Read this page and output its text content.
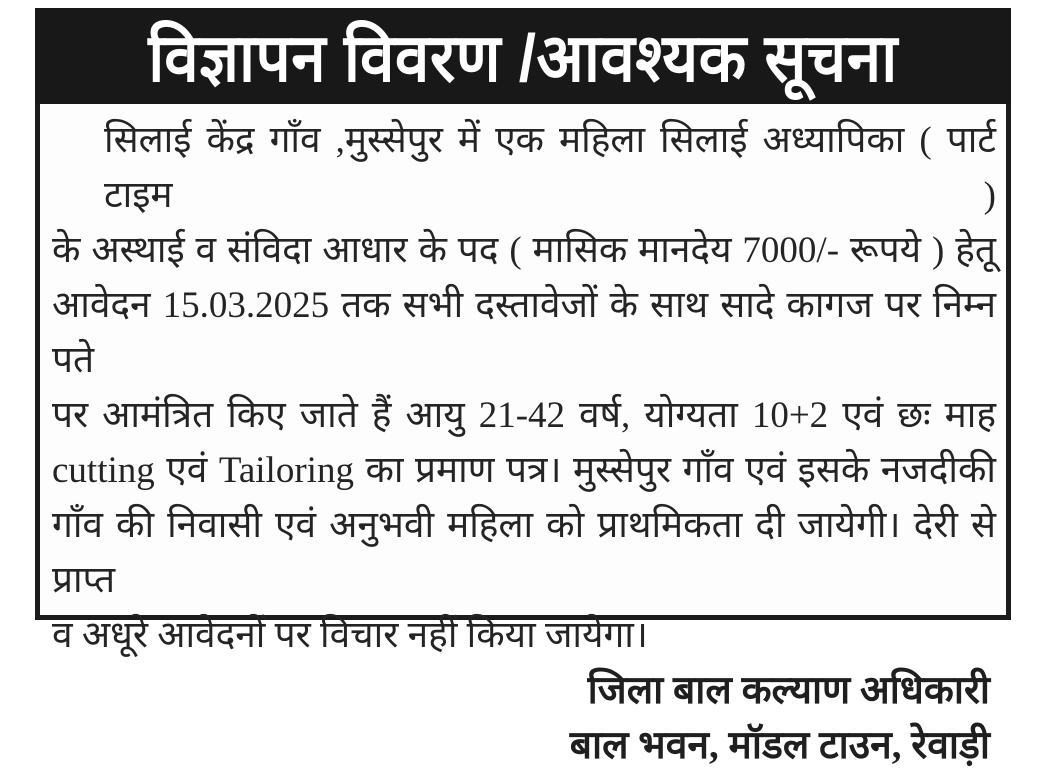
विज्ञापन विवरण /आवश्यक सूचना
सिलाई केंद्र गाँव ,मुस्सेपुर में एक महिला सिलाई अध्यापिका ( पार्ट टाइम )
के अस्थाई व संविदा आधार के पद ( मासिक मानदेय 7000/- रूपये ) हेतू
आवेदन 15.03.2025 तक सभी दस्तावेजों के साथ सादे कागज पर निम्न पते
पर आमंत्रित किए जाते हैं आयु 21-42 वर्ष, योग्यता 10+2 एवं छः माह
cutting एवं Tailoring का प्रमाण पत्र। मुस्सेपुर गाँव एवं इसके नजदीकी
गाँव की निवासी एवं अनुभवी महिला को प्राथमिकता दी जायेगी। देरी से प्राप्त
व अधूरे आवेदनों पर विचार नहीं किया जायेगा।
जिला बाल कल्याण अधिकारी
बाल भवन, मॉडल टाउन, रेवाड़ी
